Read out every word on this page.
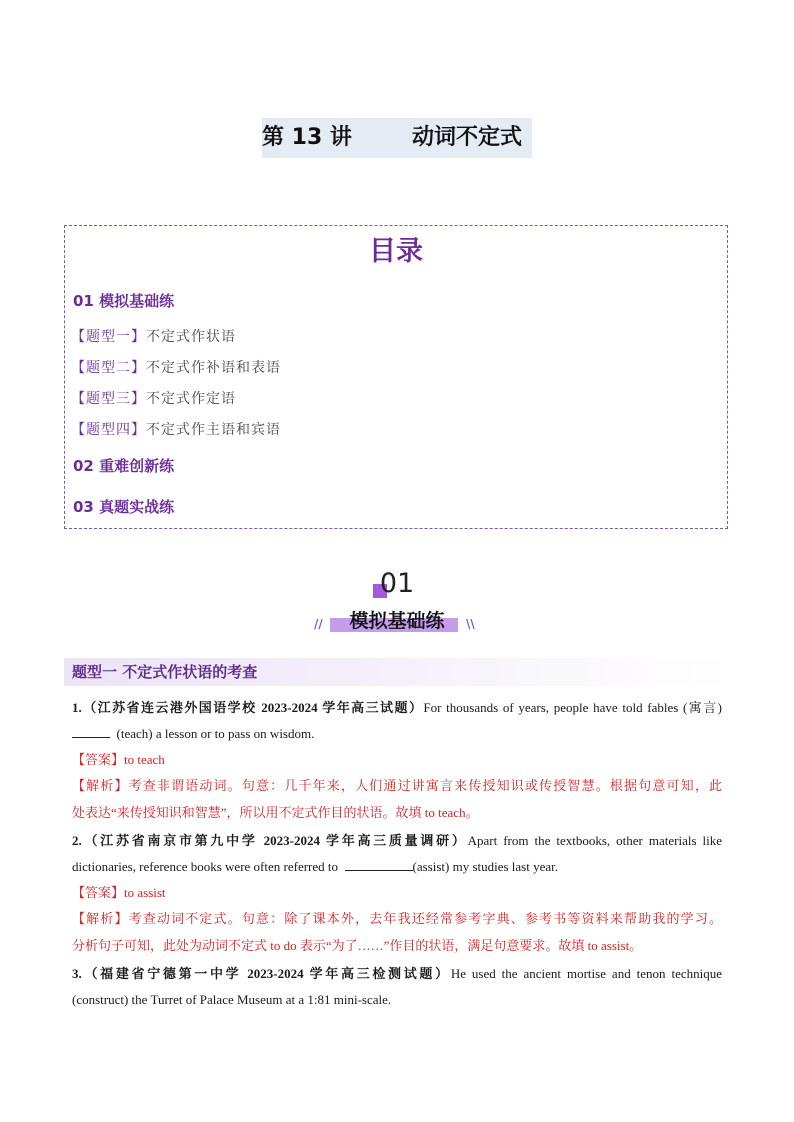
第 13 讲	动词不定式
目录
01 模拟基础练
【题型一】不定式作状语
【题型二】不定式作补语和表语
【题型三】不定式作定语
【题型四】不定式作主语和宾语
02 重难创新练
03 真题实战练
01
//	模拟基础练	\\
题型一 不定式作状语的考查
1.（江苏省连云港外国语学校 2023-2024 学年高三试题）For thousands of years, people have told fables (寓言)
(teach) a lesson or to pass on wisdom.
【答案】to teach
【解析】考查非谓语动词。句意：几千年来，人们通过讲寓言来传授知识或传授智慧。根据句意可知，此
处表达“来传授知识和智慧”，所以用不定式作目的状语。故填 to teach。
2.（江苏省南京市第九中学 2023-2024 学年高三质量调研）Apart from the textbooks, other materials like
dictionaries, reference books were often referred to	(assist) my studies last year.
【答案】to assist
【解析】考查动词不定式。句意：除了课本外，去年我还经常参考字典、参考书等资料来帮助我的学习。
分析句子可知，此处为动词不定式 to do 表示“为了……”作目的状语，满足句意要求。故填 to assist。
3.（福建省宁德第一中学 2023-2024 学年高三检测试题）He used the ancient mortise and tenon technique
(construct) the Turret of Palace Museum at a 1:81 mini-scale.
